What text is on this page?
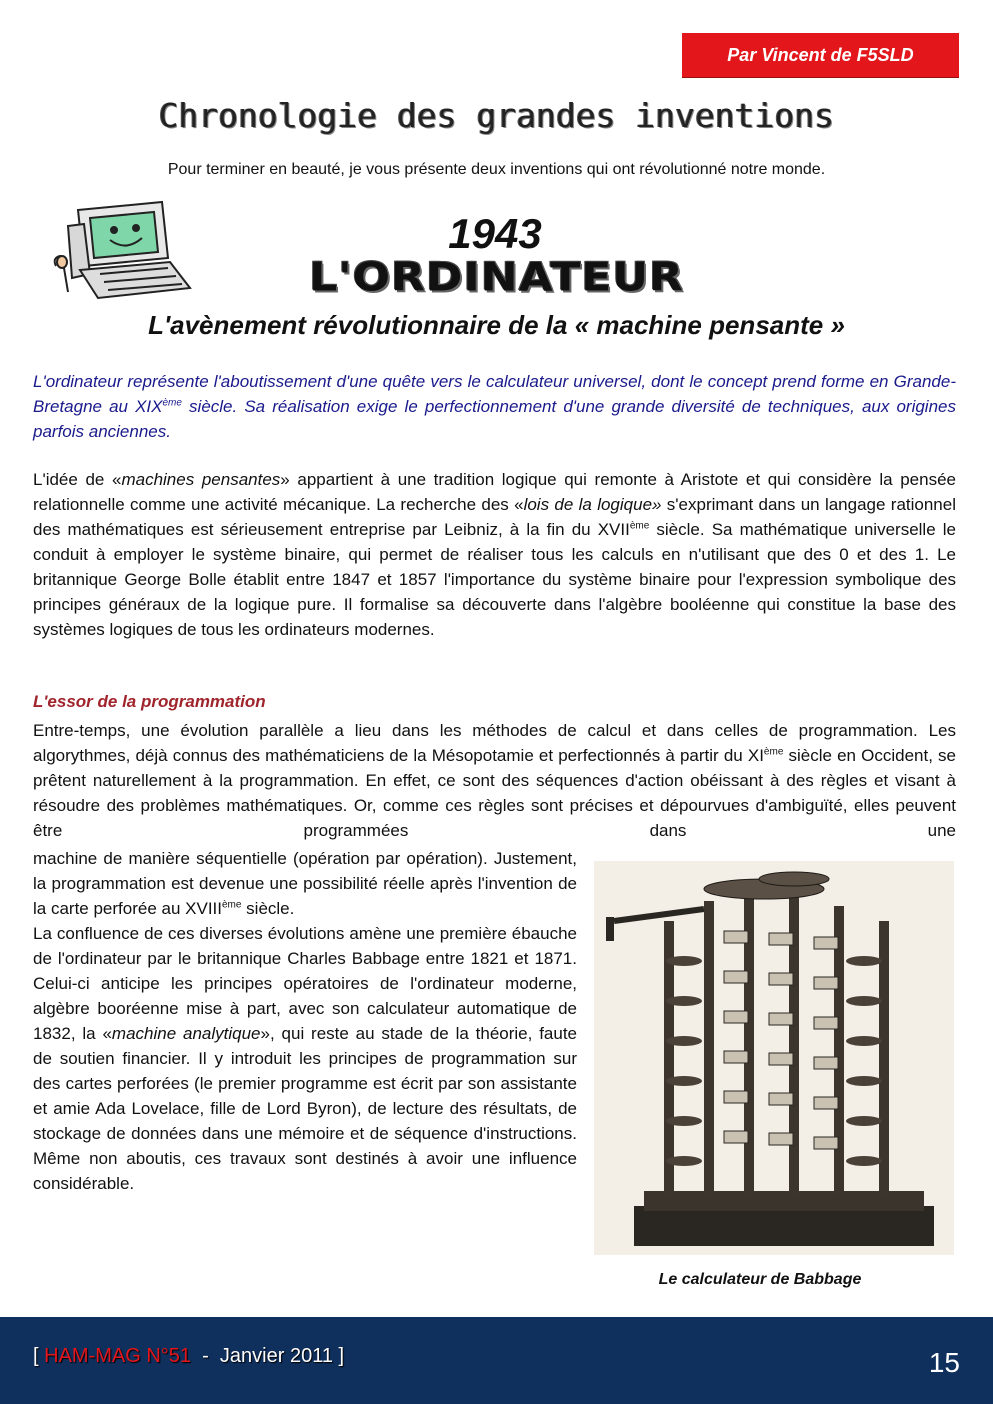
Par Vincent de F5SLD
Chronologie des grandes inventions
Pour terminer en beauté, je vous présente deux inventions qui ont révolutionné notre monde.
1943
L'ORDINATEUR
L'avènement révolutionnaire de la « machine pensante »

L'ordinateur représente l'aboutissement d'une quête vers le calculateur universel, dont le concept prend forme en Grande-Bretagne au XIXème siècle. Sa réalisation exige le perfectionnement d'une grande diversité de techniques, aux origines parfois anciennes.

L'idée de «machines pensantes» appartient à une tradition logique qui remonte à Aristote et qui considère la pensée relationnelle comme une activité mécanique. La recherche des «lois de la logique» s'exprimant dans un langage rationnel des mathématiques est sérieusement entreprise par Leibniz, à la fin du XVIIème siècle. Sa mathématique universelle le conduit à employer le système binaire, qui permet de réaliser tous les calculs en n'utilisant que des 0 et des 1. Le britannique George Bolle établit entre 1847 et 1857 l'importance du système binaire pour l'expression symbolique des principes généraux de la logique pure. Il formalise sa découverte dans l'algèbre booléenne qui constitue la base des systèmes logiques de tous les ordinateurs modernes.

L'essor de la programmation

Entre-temps, une évolution parallèle a lieu dans les méthodes de calcul et dans celles de programmation. Les algorythmes, déjà connus des mathématiciens de la Mésopotamie et perfectionnés à partir du XIème siècle en Occident, se prêtent naturellement à la programmation. En effet, ce sont des séquences d'action obéissant à des règles et visant à résoudre des problèmes mathématiques. Or, comme ces règles sont précises et dépourvues d'ambiguïté, elles peuvent être programmées dans une

machine de manière séquentielle (opération par opération). Justement, la programmation est devenue une possibilité réelle après l'invention de la carte perforée au XVIIIème siècle.
La confluence de ces diverses évolutions amène une première ébauche de l'ordinateur par le britannique Charles Babbage entre 1821 et 1871. Celui-ci anticipe les principes opératoires de l'ordinateur moderne, algèbre booréenne mise à part, avec son calculateur automatique de 1832, la «machine analytique», qui reste au stade de la théorie, faute de soutien financier. Il y introduit les principes de programmation sur des cartes perforées (le premier programme est écrit par son assistante et amie Ada Lovelace, fille de Lord Byron), de lecture des résultats, de stockage de données dans une mémoire et de séquence d'instructions. Même non aboutis, ces travaux sont destinés à avoir une influence considérable.

Le calculateur de Babbage
[ HAM-MAG N°51  -  Janvier 2011 ]	15
